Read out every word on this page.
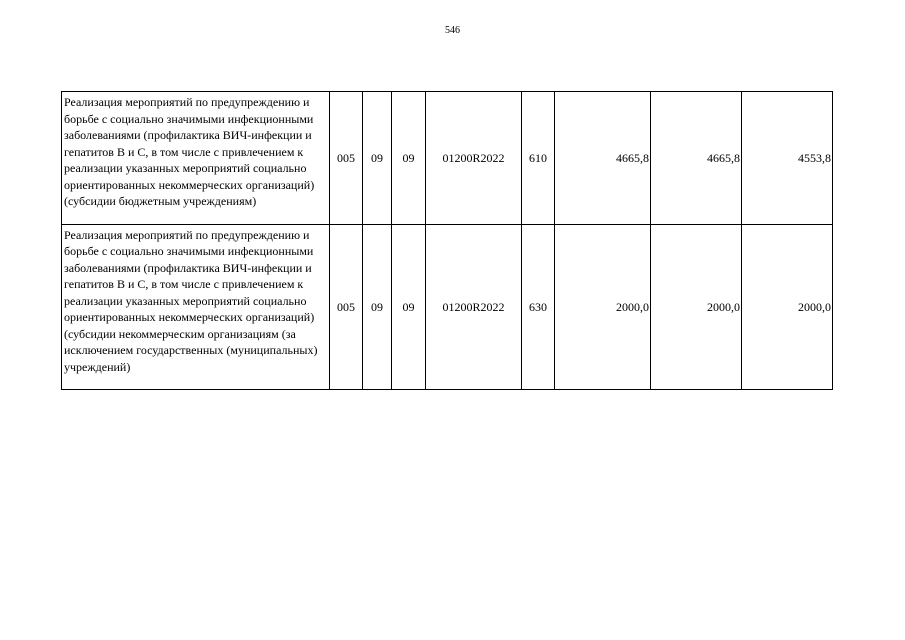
546
Реализация мероприятий по предупреждению и борьбе с социально значимыми инфекционными заболеваниями (профилактика ВИЧ-инфекции и гепатитов В и С, в том числе с привлечением к реализации указанных мероприятий социально ориентированных некоммерческих организаций) (субсидии бюджетным учреждениям)	005	09	09	01200R2022	610	4665,8	4665,8	4553,8
Реализация мероприятий по предупреждению и борьбе с социально значимыми инфекционными заболеваниями (профилактика ВИЧ-инфекции и гепатитов В и С, в том числе с привлечением к реализации указанных мероприятий социально ориентированных некоммерческих организаций) (субсидии некоммерческим организациям (за исключением государственных (муниципальных) учреждений)	005	09	09	01200R2022	630	2000,0	2000,0	2000,0
